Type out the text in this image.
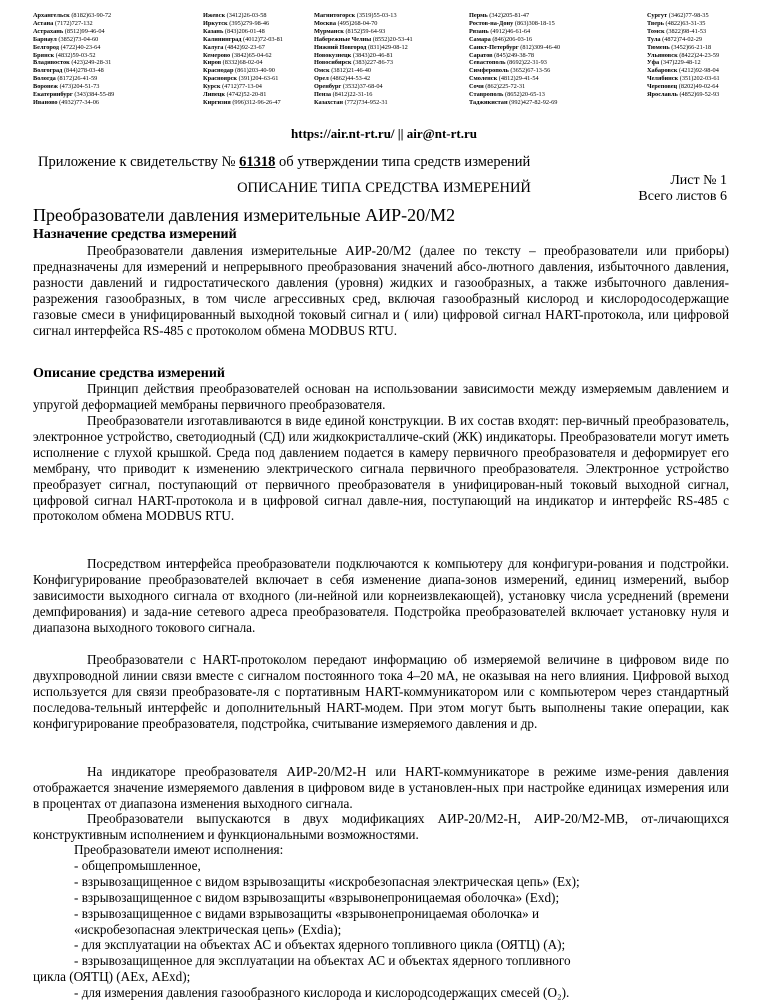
Архангельск (8182)63-90-72
Астана (7172)727-132
Астрахань (8512)99-46-04
Барнаул (3852)73-04-60
Белгород (4722)40-23-64
Брянск (4832)59-03-52
Владивосток (423)249-28-31
Волгоград (844)278-03-48
Вологда (8172)26-41-59
Воронеж (473)204-51-73
Екатеринбург (343)384-55-89
Иваново (4932)77-34-06
Ижевск (3412)26-03-58
Иркутск (395)279-98-46
Казань (843)206-01-48
Калининград (4012)72-03-81
Калуга (4842)92-23-67
Кемерово (3842)65-04-62
Киров (8332)68-02-04
Краснодар (861)203-40-90
Красноярск (391)204-63-61
Курск (4712)77-13-04
Липецк (4742)52-20-81
Киргизия (996)312-96-26-47
Магнитогорск (3519)55-03-13
Москва (495)268-04-70
Мурманск (8152)59-64-93
Набережные Челны (8552)20-53-41
Нижний Новгород (831)429-08-12
Новокузнецк (3843)20-46-81
Новосибирск (383)227-86-73
Омск (3812)21-46-40
Орел (4862)44-53-42
Оренбург (3532)37-68-04
Пенза (8412)22-31-16
Казахстан (772)734-952-31
Пермь (342)205-81-47
Ростов-на-Дону (863)308-18-15
Рязань (4912)46-61-64
Самара (846)206-03-16
Санкт-Петербург (812)309-46-40
Саратов (845)249-38-78
Севастополь (8692)22-31-93
Симферополь (3652)67-13-56
Смоленск (4812)29-41-54
Сочи (862)225-72-31
Ставрополь (8652)20-65-13
Таджикистан (992)427-82-92-69
Сургут (3462)77-98-35
Тверь (4822)63-31-35
Томск (3822)98-41-53
Тула (4872)74-02-29
Тюмень (3452)66-21-18
Ульяновск (8422)24-23-59
Уфа (347)229-48-12
Хабаровск (4212)92-98-04
Челябинск (351)202-03-61
Череповец (8202)49-02-64
Ярославль (4852)69-52-93
https://air.nt-rt.ru/ || air@nt-rt.ru
Приложение к свидетельству № 61318 об утверждении типа средств измерений
ОПИСАНИЕ ТИПА СРЕДСТВА ИЗМЕРЕНИЙ	Лист № 1
Всего листов 6
Преобразователи давления измерительные АИР-20/М2
Назначение средства измерений

Преобразователи давления измерительные АИР-20/М2 (далее по тексту – преобразователи или приборы) предназначены для измерений и непрерывного преобразования значений абсо-лютного давления, избыточного давления, разности давлений и гидростатического давления (уровня) жидких и газообразных, а также избыточного давления-разрежения газообразных, в том числе агрессивных сред, включая газообразный кислород и кислородосодержащие газовые смеси в унифицированный выходной токовый сигнал и ( или) цифровой сигнал HART-протокола, или цифровой сигнал интерфейса RS-485 с протоколом обмена MODBUS RTU.

Описание средства измерений

Принцип действия преобразователей основан на использовании зависимости между измеряемым давлением и упругой деформацией мембраны первичного преобразователя.

Преобразователи изготавливаются в виде единой конструкции. В их состав входят: пер-вичный преобразователь, электронное устройство, светодиодный (СД) или жидкокристалличе-ский (ЖК) индикаторы. Преобразователи могут иметь исполнение с глухой крышкой. Среда под давлением подается в камеру первичного преобразователя и деформирует его мембрану, что приводит к изменению электрического сигнала первичного преобразователя. Электронное устройство преобразует сигнал, поступающий от первичного преобразователя в унифицирован-ный токовый выходной сигнал, цифровой сигнал HART-протокола и в цифровой сигнал давле-ния, поступающий на индикатор и интерфейс RS-485 с протоколом обмена MODBUS RTU.

Посредством интерфейса преобразователи подключаются к компьютеру для конфигури-рования и подстройки. Конфигурирование преобразователей включает в себя изменение диапа-зонов измерений, единиц измерений, выбор зависимости выходного сигнала от входного (ли-нейной или корнеизвлекающей), установку числа усреднений (времени демпфирования) и зада-ние сетевого адреса преобразователя. Подстройка преобразователей включает установку нуля и диапазона выходного токового сигнала.

Преобразователи с HART-протоколом передают информацию об измеряемой величине в цифровом виде по двухпроводной линии связи вместе с сигналом постоянного тока 4–20 мА, не оказывая на него влияния. Цифровой выход используется для связи преобразовате-ля с портативным HART-коммуникатором или с компьютером через стандартный последова-тельный интерфейс и дополнительный HART-модем. При этом могут быть выполнены такие операции, как конфигурирование преобразователя, подстройка, считывание измеряемого давления и др.

На индикаторе преобразователя АИР-20/М2-Н или HART-коммуникаторе в режиме изме-рения давления отображается значение измеряемого давления в цифровом виде в установлен-ных при настройке единицах измерения или в процентах от диапазона изменения выходного сигнала.

Преобразователи выпускаются в двух модификациях АИР-20/М2-Н, АИР-20/М2-МВ, от-личающихся конструктивным исполнением и функциональными возможностями.

Преобразователи имеют исполнения:
- общепромышленное,
- взрывозащищенное с видом взрывозащиты «искробезопасная электрическая цепь» (Ex);
- взрывозащищенное с видом взрывозащиты «взрывонепроницаемая оболочка» (Exd);
- взрывозащищенное с видами взрывозащиты «взрывонепроницаемая оболочка» и
«искробезопасная электрическая цепь» (Exdia);
- для эксплуатации на объектах АС и объектах ядерного топливного цикла (ОЯТЦ) (А);
- взрывозащищенное для эксплуатации на объектах АС и объектах ядерного топливного
цикла (ОЯТЦ) (АEx, АExd);
- для измерения давления газообразного кислорода и кислородсодержащих смесей (О₂).
